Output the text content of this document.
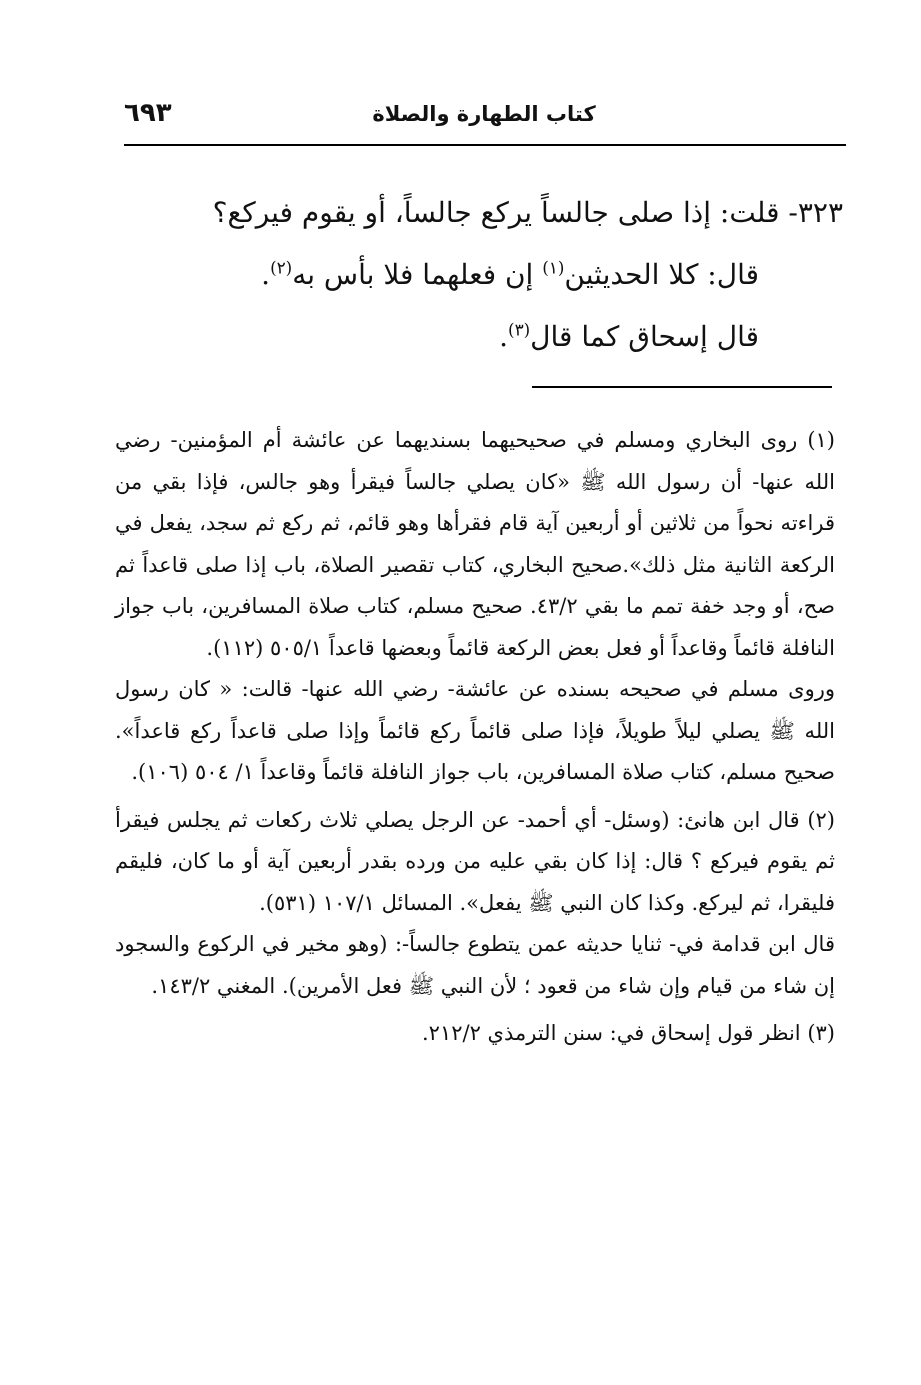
كتاب الطهارة والصلاة
٦٩٣

٣٢٣- قلت: إذا صلى جالساً يركع جالساً، أو يقوم فيركع؟

قال: كلا الحديثين$^{(١)}$ إن فعلهما فلا بأس به$^{(٢)}$.

قال إسحاق كما قال$^{(٣)}$.

(١) روى البخاري ومسلم في صحيحيهما بسنديهما عن عائشة أم المؤمنين- رضي الله عنها- أن رسول الله ﷺ «كان يصلي جالساً فيقرأ وهو جالس، فإذا بقي من قراءته نحواً من ثلاثين أو أربعين آية قام فقرأها وهو قائم، ثم ركع ثم سجد، يفعل في الركعة الثانية مثل ذلك».صحيح البخاري، كتاب تقصير الصلاة، باب إذا صلى قاعداً ثم صح، أو وجد خفة تمم ما بقي ٤٣/٢. صحيح مسلم، كتاب صلاة المسافرين، باب جواز النافلة قائماً وقاعداً أو فعل بعض الركعة قائماً وبعضها قاعداً ٥٠٥/١ (١١٢).

وروى مسلم في صحيحه بسنده عن عائشة- رضي الله عنها- قالت: « كان رسول الله ﷺ يصلي ليلاً طويلاً، فإذا صلى قائماً ركع قائماً وإذا صلى قاعداً ركع قاعداً». صحيح مسلم، كتاب صلاة المسافرين، باب جواز النافلة قائماً وقاعداً ١/ ٥٠٤ (١٠٦).

(٢) قال ابن هانئ: (وسئل- أي أحمد- عن الرجل يصلي ثلاث ركعات ثم يجلس فيقرأ ثم يقوم فيركع ؟ قال: إذا كان بقي عليه من ورده بقدر أربعين آية أو ما كان، فليقم فليقرا، ثم ليركع. وكذا كان النبي ﷺ يفعل». المسائل ١٠٧/١ (٥٣١).

قال ابن قدامة في- ثنايا حديثه عمن يتطوع جالساً-: (وهو مخير في الركوع والسجود إن شاء من قيام وإن شاء من قعود ؛ لأن النبي ﷺ فعل الأمرين). المغني ١٤٣/٢.

(٣) انظر قول إسحاق في: سنن الترمذي ٢١٢/٢.
